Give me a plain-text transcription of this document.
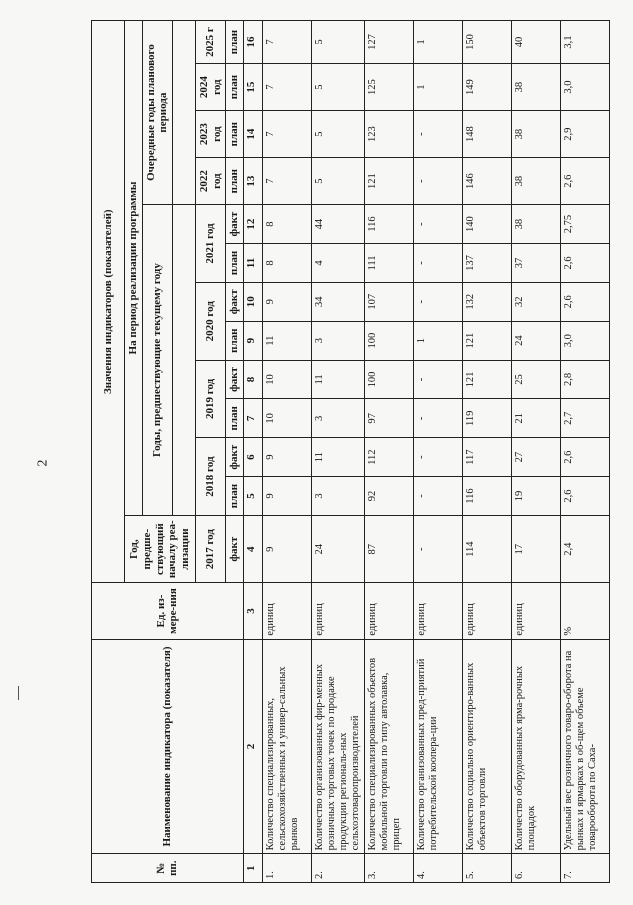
2
№ пп.	Наименование индикатора (показателя)	Ед. из-мере-ния	Значения индикаторов (показателей)												
			Год, предше-ствующий началу реа-лизации	На период реализации программы											
				Годы, предшествующие текущему году								Очередные годы планового периода			

			2017 год	2018 год		2019 год		2020 год		2021 год		2022 год	2023 год	2024 год	2025 г
			факт	план	факт	план	факт	план	факт	план	факт	план	план	план	план
1	2	3	4	5	6	7	8	9	10	11	12	13	14	15	16
1.	Количество специализированных, сельскохозяйственных и универ-сальных рынков	единиц	9	9	9	10	10	11	9	8	8	7	7	7	7
2.	Количество организованных фир-менных розничных торговых точек по продаже продукции региональ-ных сельхозтоваропроизводителей	единиц	24	3	11	3	11	3	34	4	44	5	5	5	5
3.	Количество специализированных объектов мобильной торговли по типу автолавка, прицеп	единиц	87	92	112	97	100	100	107	111	116	121	123	125	127
4.	Количество организованных пред-приятий потребительской коопера-ции	единиц	-	-	-	-	-	1	-	-	-	-	-	1	1
5.	Количество социально ориентиро-ванных объектов торговли	единиц	114	116	117	119	121	121	132	137	140	146	148	149	150
6.	Количество оборудованных ярма-рочных площадок	единиц	17	19	27	21	25	24	32	37	38	38	38	38	40
7.	Удельный вес розничного товаро-оборота на рынках и ярмарках в об-щем объеме товарооборота по Саха-	%	2,4	2,6	2,6	2,7	2,8	3,0	2,6	2,6	2,75	2,6	2,9	3,0	3,1
